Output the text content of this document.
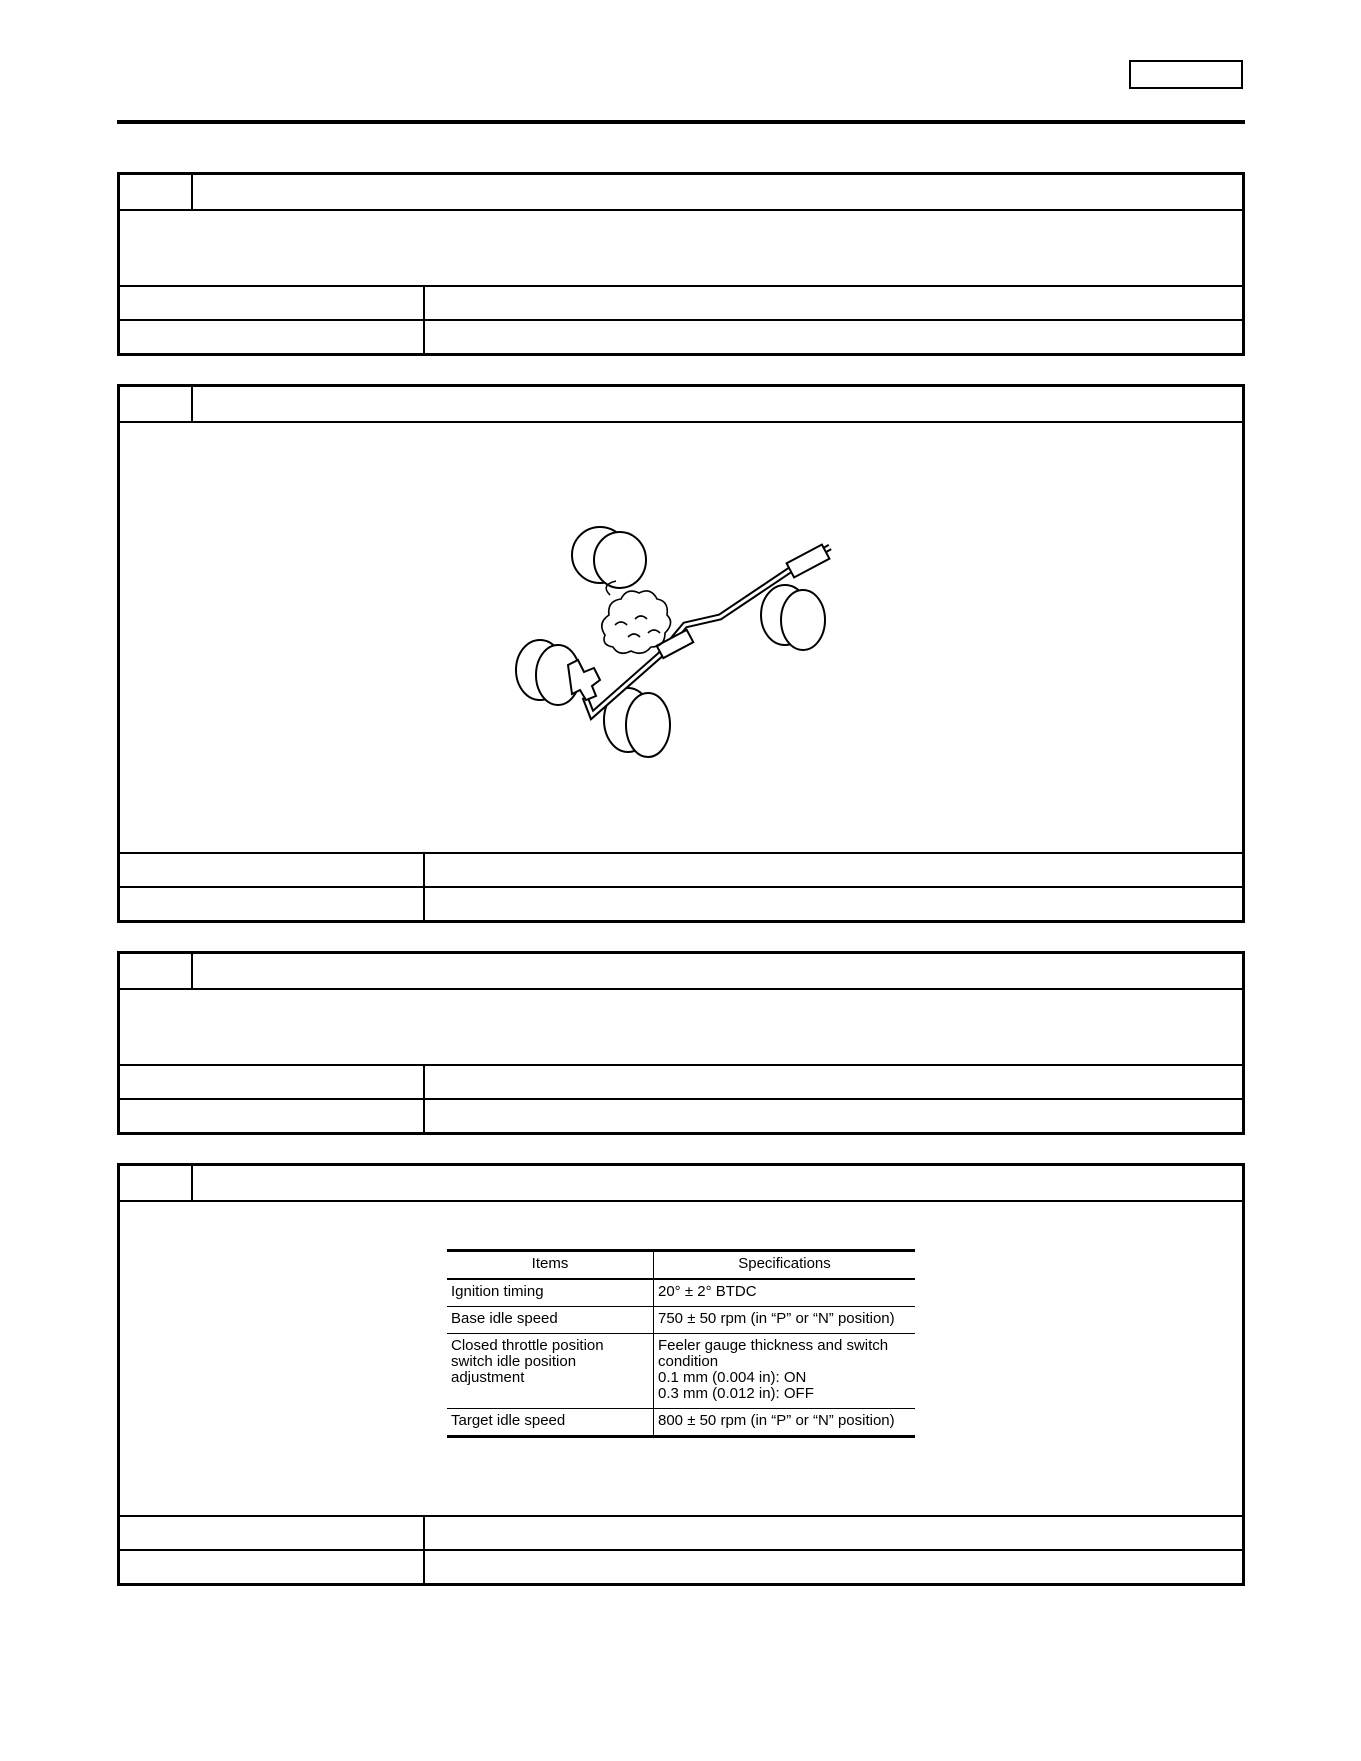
Items	Specifications
Ignition timing	20° ± 2° BTDC

Base idle speed	750 ± 50 rpm (in “P” or “N” position)

Closed throttle position switch idle position adjustment	Feeler gauge thickness and switch condition
0.1 mm (0.004 in): ON
0.3 mm (0.012 in): OFF

Target idle speed	800 ± 50 rpm (in “P” or “N” position)
